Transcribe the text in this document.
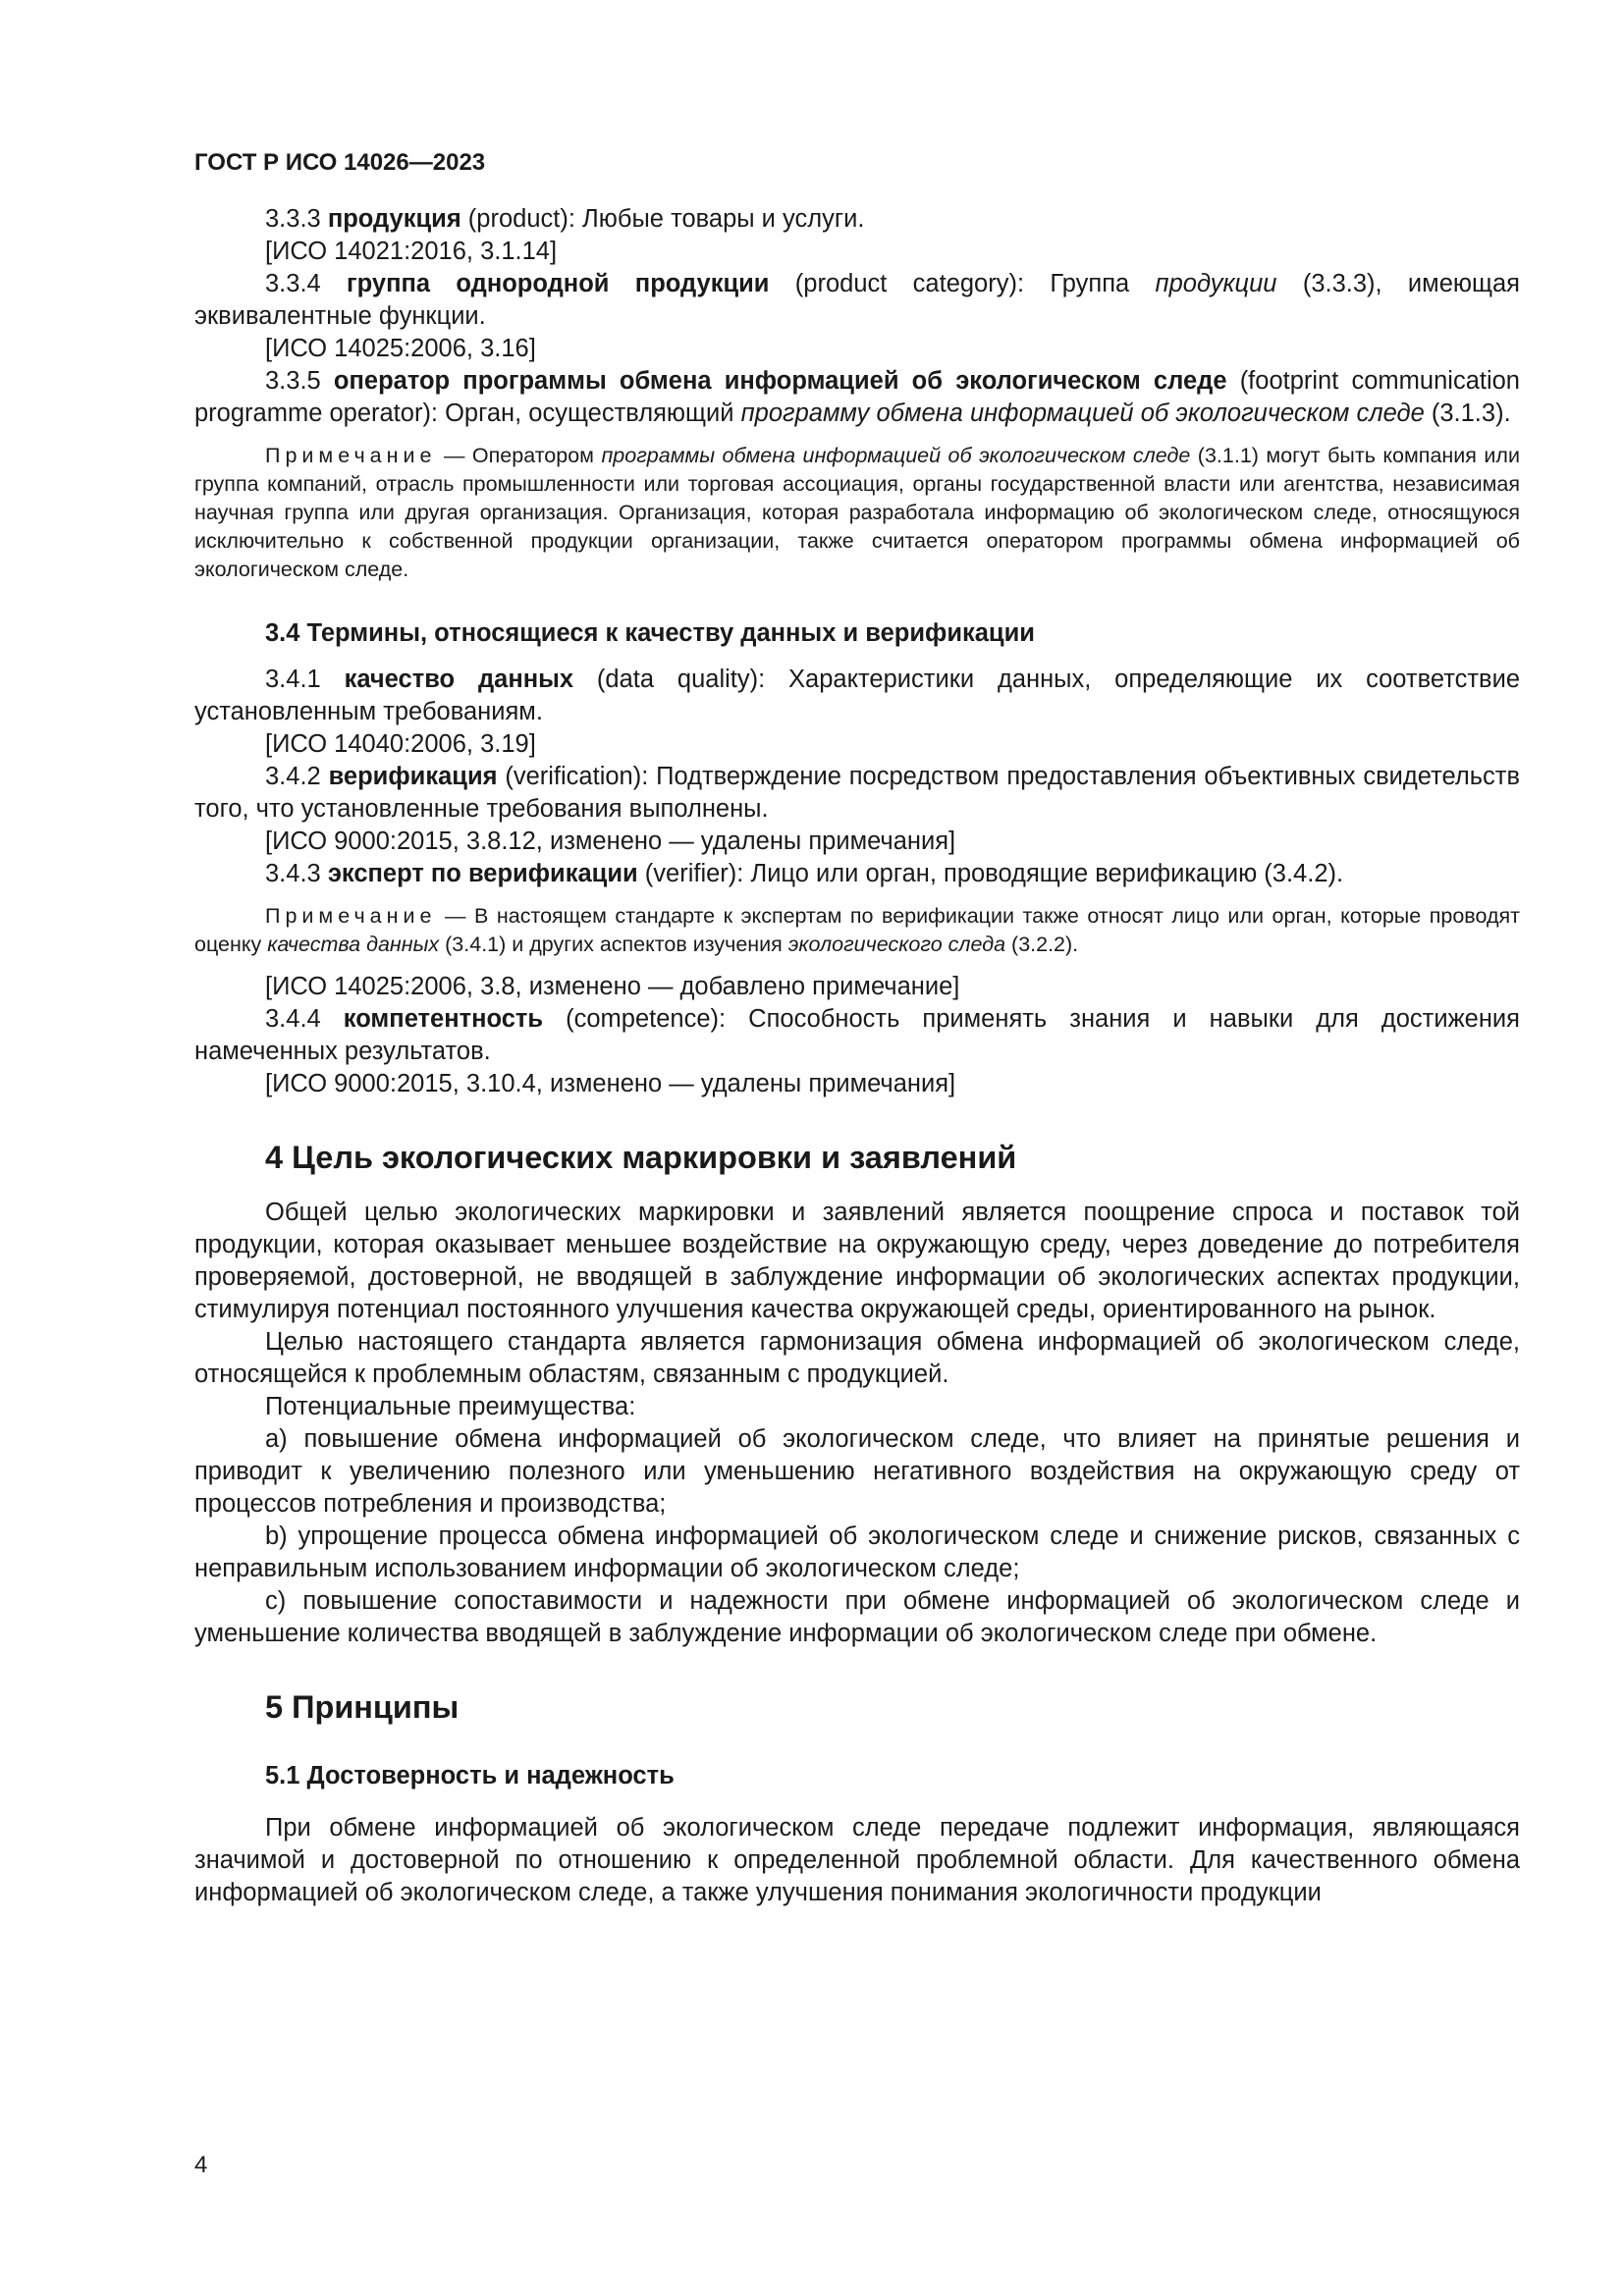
ГОСТ Р ИСО 14026—2023

3.3.3 продукция (product): Любые товары и услуги.

[ИСО 14021:2016, 3.1.14]

3.3.4 группа однородной продукции (product category): Группа продукции (3.3.3), имеющая эквивалентные функции.

[ИСО 14025:2006, 3.16]

3.3.5 оператор программы обмена информацией об экологическом следе (footprint communication programme operator): Орган, осуществляющий программу обмена информацией об экологическом следе (3.1.3).

Примечание — Оператором программы обмена информацией об экологическом следе (3.1.1) могут быть компания или группа компаний, отрасль промышленности или торговая ассоциация, органы государственной власти или агентства, независимая научная группа или другая организация. Организация, которая разработала информацию об экологическом следе, относящуюся исключительно к собственной продукции организации, также считается оператором программы обмена информацией об экологическом следе.

3.4 Термины, относящиеся к качеству данных и верификации

3.4.1 качество данных (data quality): Характеристики данных, определяющие их соответствие установленным требованиям.

[ИСО 14040:2006, 3.19]

3.4.2 верификация (verification): Подтверждение посредством предоставления объективных свидетельств того, что установленные требования выполнены.

[ИСО 9000:2015, 3.8.12, изменено — удалены примечания]

3.4.3 эксперт по верификации (verifier): Лицо или орган, проводящие верификацию (3.4.2).

Примечание — В настоящем стандарте к экспертам по верификации также относят лицо или орган, которые проводят оценку качества данных (3.4.1) и других аспектов изучения экологического следа (3.2.2).

[ИСО 14025:2006, 3.8, изменено — добавлено примечание]

3.4.4 компетентность (competence): Способность применять знания и навыки для достижения намеченных результатов.

[ИСО 9000:2015, 3.10.4, изменено — удалены примечания]

4 Цель экологических маркировки и заявлений

Общей целью экологических маркировки и заявлений является поощрение спроса и поставок той продукции, которая оказывает меньшее воздействие на окружающую среду, через доведение до потребителя проверяемой, достоверной, не вводящей в заблуждение информации об экологических аспектах продукции, стимулируя потенциал постоянного улучшения качества окружающей среды, ориентированного на рынок.

Целью настоящего стандарта является гармонизация обмена информацией об экологическом следе, относящейся к проблемным областям, связанным с продукцией.

Потенциальные преимущества:

а) повышение обмена информацией об экологическом следе, что влияет на принятые решения и приводит к увеличению полезного или уменьшению негативного воздействия на окружающую среду от процессов потребления и производства;

b) упрощение процесса обмена информацией об экологическом следе и снижение рисков, связанных с неправильным использованием информации об экологическом следе;

с) повышение сопоставимости и надежности при обмене информацией об экологическом следе и уменьшение количества вводящей в заблуждение информации об экологическом следе при обмене.

5 Принципы

5.1 Достоверность и надежность

При обмене информацией об экологическом следе передаче подлежит информация, являющаяся значимой и достоверной по отношению к определенной проблемной области. Для качественного обмена информацией об экологическом следе, а также улучшения понимания экологичности продукции

4
